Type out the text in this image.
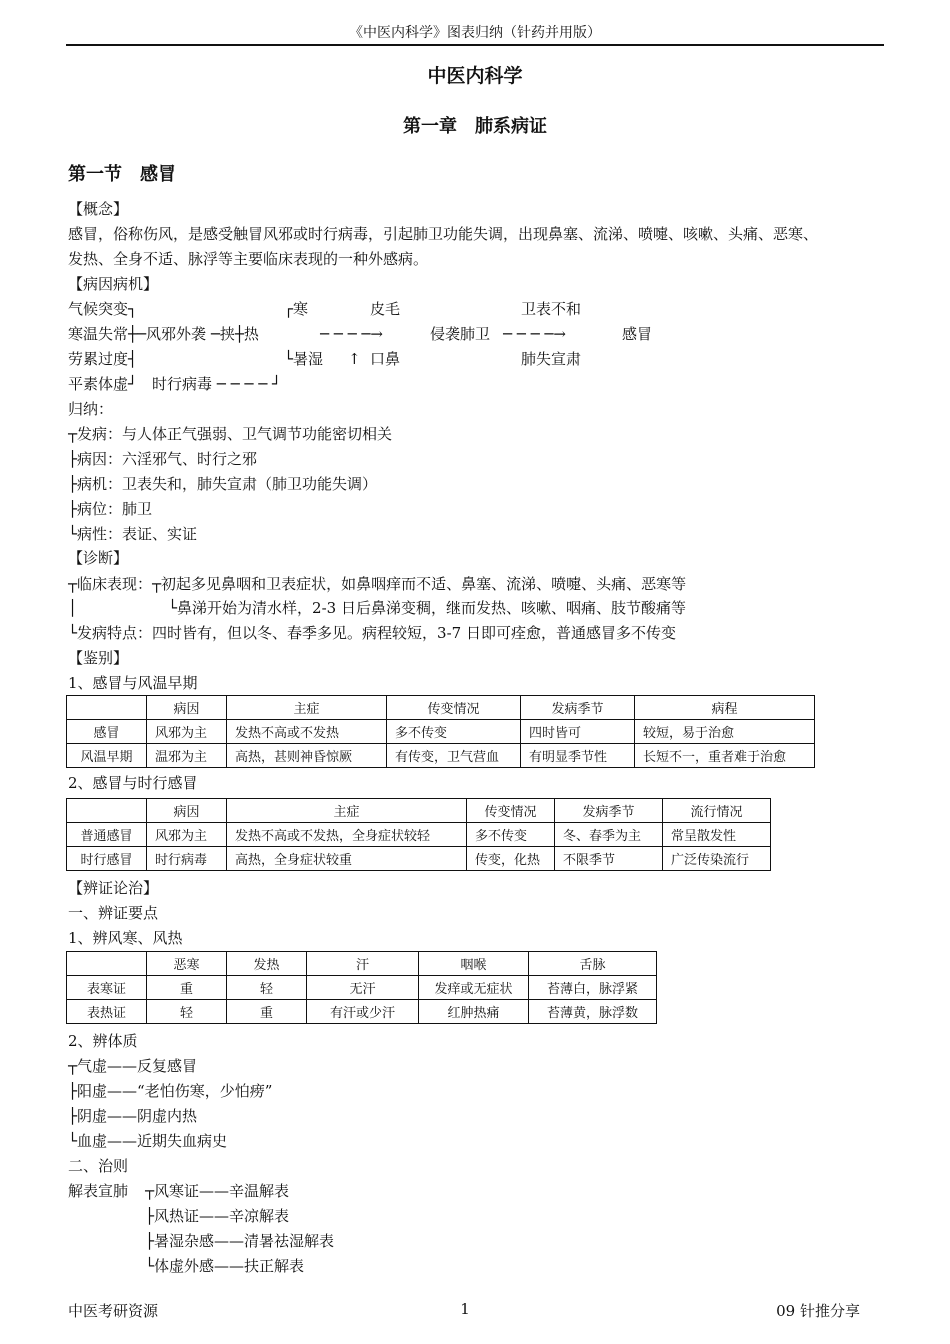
《中医内科学》图表归纳（针药并用版）
中医内科学
第一章　肺系病证
第一节　感冒
【概念】
感冒，俗称伤风，是感受触冒风邪或时行病毒，引起肺卫功能失调，出现鼻塞、流涕、喷嚏、咳嗽、头痛、恶寒、
发热、全身不适、脉浮等主要临床表现的一种外感病。
【病因病机】
气候突变┐
寒温失常┼─风邪外袭 ─挟┼热
劳累过度┤
平素体虚┘　时行病毒 ─ ─ ─ ─ ┘
┌寒
└暑湿 ↑
皮毛
口鼻
─ ─ ─ ─→	侵袭肺卫 ─ ─ ─ ─→	感冒
卫表不和
肺失宣肃
归纳：
┬发病：与人体正气强弱、卫气调节功能密切相关
├病因：六淫邪气、时行之邪
├病机：卫表失和，肺失宣肃（肺卫功能失调）
├病位：肺卫
└病性：表证、实证
【诊断】
┬临床表现：┬初起多见鼻咽和卫表症状，如鼻咽痒而不适、鼻塞、流涕、喷嚏、头痛、恶寒等
│	└鼻涕开始为清水样，2-3 日后鼻涕变稠，继而发热、咳嗽、咽痛、肢节酸痛等
└发病特点：四时皆有，但以冬、春季多见。病程较短，3-7 日即可痊愈，普通感冒多不传变
【鉴别】
1、感冒与风温早期
	病因	主症	传变情况	发病季节	病程
感冒	风邪为主	发热不高或不发热	多不传变	四时皆可	较短，易于治愈
风温早期	温邪为主	高热，甚则神昏惊厥	有传变，卫气营血	有明显季节性	长短不一，重者难于治愈
2、感冒与时行感冒
	病因	主症	传变情况	发病季节	流行情况
普通感冒	风邪为主	发热不高或不发热，全身症状较轻	多不传变	冬、春季为主	常呈散发性
时行感冒	时行病毒	高热，全身症状较重	传变，化热	不限季节	广泛传染流行
【辨证论治】
一、辨证要点
1、辨风寒、风热
	恶寒	发热	汗	咽喉	舌脉
表寒证	重	轻	无汗	发痒或无症状	苔薄白，脉浮紧
表热证	轻	重	有汗或少汗	红肿热痛	苔薄黄，脉浮数
2、辨体质
┬气虚——反复感冒
├阳虚——“老怕伤寒，少怕痨”
├阴虚——阴虚内热
└血虚——近期失血病史
二、治则
解表宣肺 ┬风寒证——辛温解表
├风热证——辛凉解表
├暑湿杂感——清暑祛湿解表
└体虚外感——扶正解表
中医考研资源	1	09 针推分享
